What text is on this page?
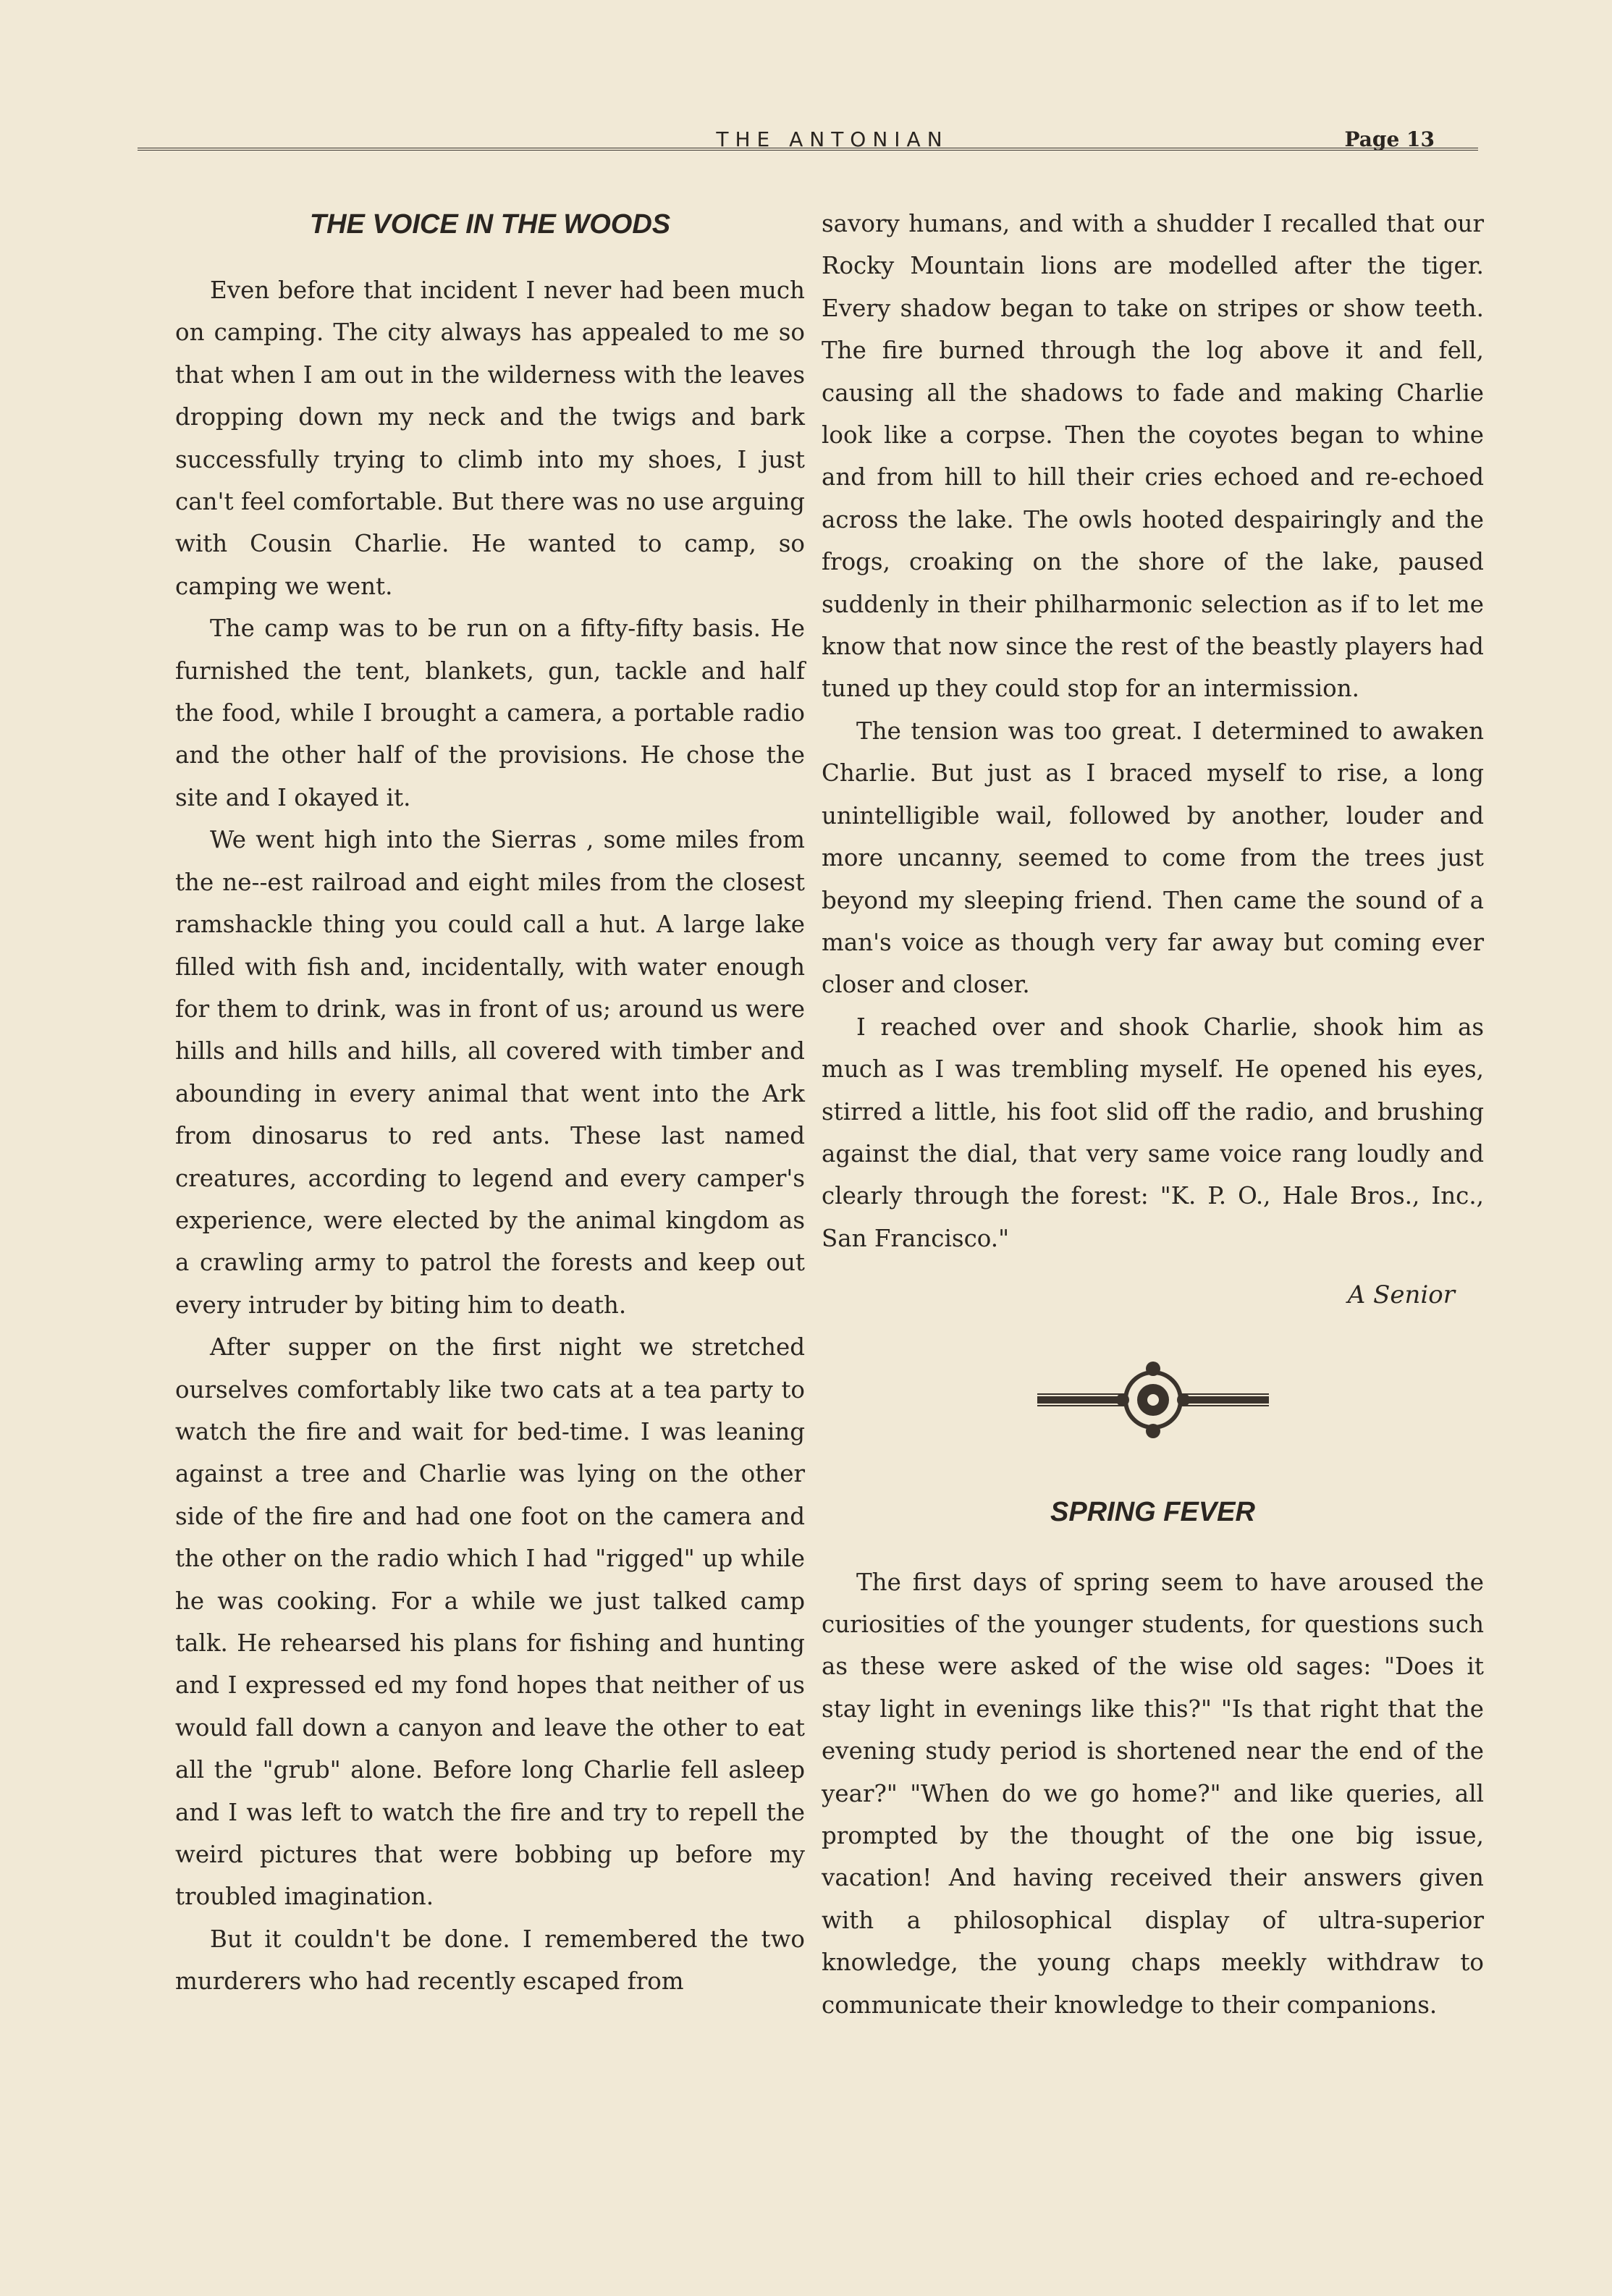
THE ANTONIAN	Page 13
THE VOICE IN THE WOODS

Even before that incident I never had been much on camping. The city always has appealed to me so that when I am out in the wilderness with the leaves dropping down my neck and the twigs and bark successfully trying to climb into my shoes, I just can't feel comfortable. But there was no use arguing with Cousin Charlie. He wanted to camp, so camping we went.

The camp was to be run on a fifty-fifty basis. He furnished the tent, blankets, gun, tackle and half the food, while I brought a camera, a portable radio and the other half of the provisions. He chose the site and I okayed it.

We went high into the Sierras , some miles from the ne--est railroad and eight miles from the closest ramshackle thing you could call a hut. A large lake filled with fish and, incidentally, with water enough for them to drink, was in front of us; around us were hills and hills and hills, all covered with timber and abounding in every animal that went into the Ark from dinosarus to red ants. These last named creatures, according to legend and every camper's experience, were elected by the animal kingdom as a crawling army to patrol the forests and keep out every intruder by biting him to death.

After supper on the first night we stretched ourselves comfortably like two cats at a tea party to watch the fire and wait for bed-time. I was leaning against a tree and Charlie was lying on the other side of the fire and had one foot on the camera and the other on the radio which I had "rigged" up while he was cooking. For a while we just talked camp talk. He rehearsed his plans for fishing and hunting and I expressed ed my fond hopes that neither of us would fall down a canyon and leave the other to eat all the "grub" alone. Before long Charlie fell asleep and I was left to watch the fire and try to repell the weird pictures that were bobbing up before my troubled imagination.

But it couldn't be done. I remembered the two murderers who had recently escaped from

savory humans, and with a shudder I recalled that our Rocky Mountain lions are modelled after the tiger. Every shadow began to take on stripes or show teeth. The fire burned through the log above it and fell, causing all the shadows to fade and making Charlie look like a corpse. Then the coyotes began to whine and from hill to hill their cries echoed and re-echoed across the lake. The owls hooted despairingly and the frogs, croaking on the shore of the lake, paused suddenly in their philharmonic selection as if to let me know that now since the rest of the beastly players had tuned up they could stop for an intermission.

The tension was too great. I determined to awaken Charlie. But just as I braced myself to rise, a long unintelligible wail, followed by another, louder and more uncanny, seemed to come from the trees just beyond my sleeping friend. Then came the sound of a man's voice as though very far away but coming ever closer and closer.

I reached over and shook Charlie, shook him as much as I was trembling myself. He opened his eyes, stirred a little, his foot slid off the radio, and brushing against the dial, that very same voice rang loudly and clearly through the forest: "K. P. O., Hale Bros., Inc., San Francisco."

A Senior
SPRING FEVER

The first days of spring seem to have aroused the curiosities of the younger students, for questions such as these were asked of the wise old sages: "Does it stay light in evenings like this?" "Is that right that the evening study period is shortened near the end of the year?" "When do we go home?" and like queries, all prompted by the thought of the one big issue, vacation! And having received their answers given with a philosophical display of ultra-superior knowledge, the young chaps meekly withdraw to communicate their knowledge to their companions.
